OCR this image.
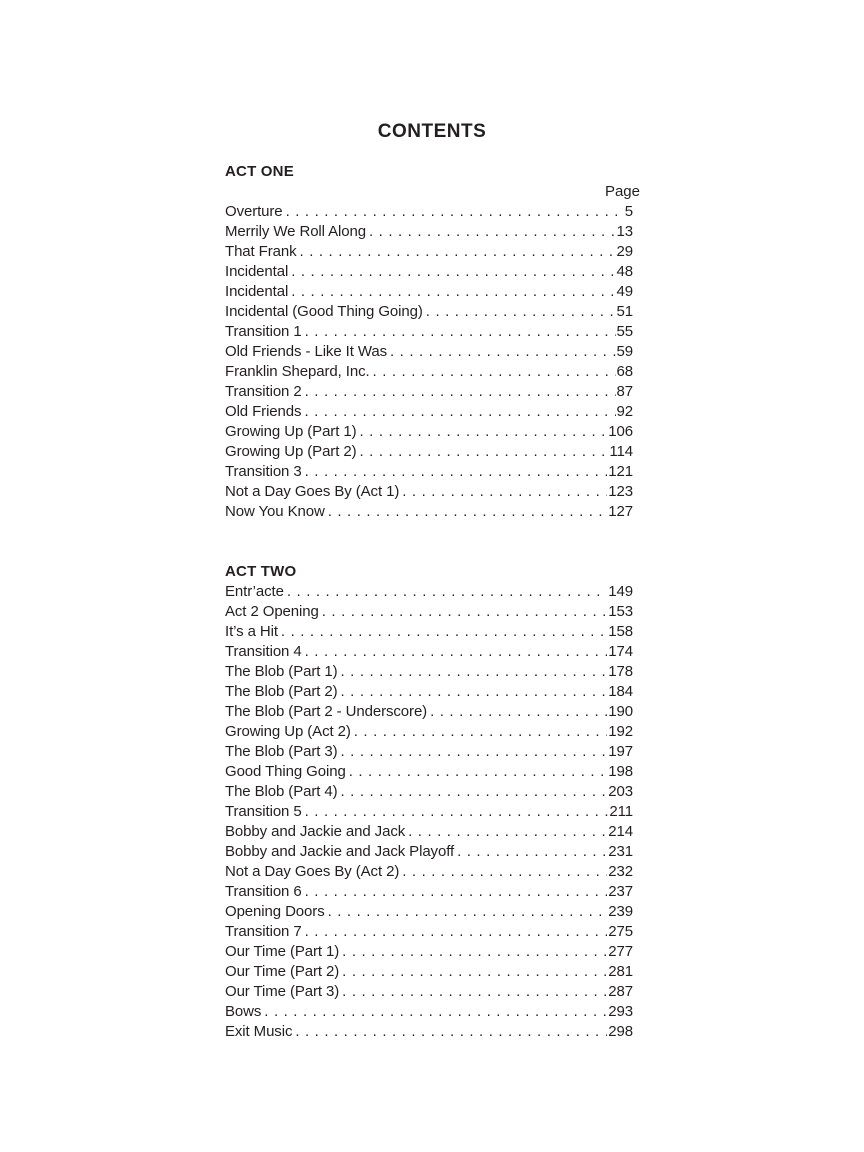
CONTENTS
ACT ONE
Page
Overture .....	5
Merrily We Roll Along .....	13
That Frank .....	29
Incidental .....	48
Incidental .....	49
Incidental (Good Thing Going) .....	51
Transition 1 .....	55
Old Friends - Like It Was .....	59
Franklin Shepard, Inc. .....	68
Transition 2 .....	87
Old Friends .....	92
Growing Up (Part 1) .....	106
Growing Up (Part 2) .....	114
Transition 3 .....	121
Not a Day Goes By (Act 1) .....	123
Now You Know .....	127
ACT TWO
Entr’acte .....	149
Act 2 Opening .....	153
It’s a Hit .....	158
Transition 4 .....	174
The Blob (Part 1) .....	178
The Blob (Part 2) .....	184
The Blob (Part 2 - Underscore) .....	190
Growing Up (Act 2) .....	192
The Blob (Part 3) .....	197
Good Thing Going .....	198
The Blob (Part 4) .....	203
Transition 5 .....	211
Bobby and Jackie and Jack .....	214
Bobby and Jackie and Jack Playoff .....	231
Not a Day Goes By (Act 2) .....	232
Transition 6 .....	237
Opening Doors .....	239
Transition 7 .....	275
Our Time (Part 1) .....	277
Our Time (Part 2) .....	281
Our Time (Part 3) .....	287
Bows .....	293
Exit Music .....	298
